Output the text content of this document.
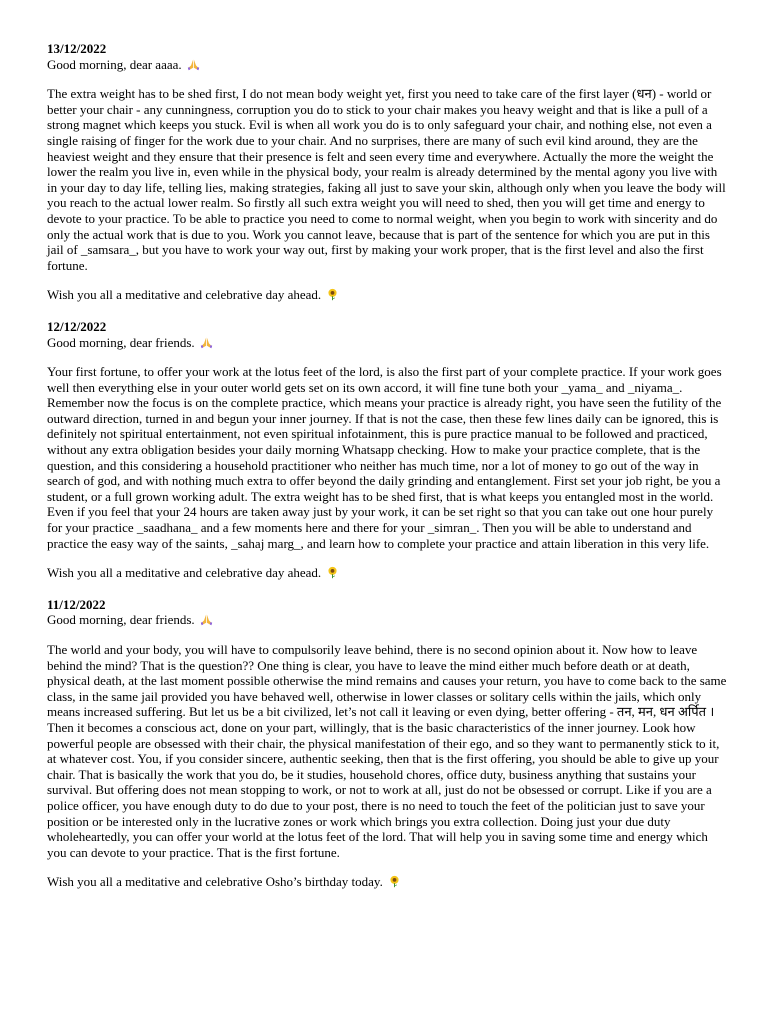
13/12/2022

Good morning, dear aaaa.

The extra weight has to be shed first, I do not mean body weight yet, first you need to take care of the first layer (धन) - world or better your chair - any cunningness, corruption you do to stick to your chair makes you heavy weight and that is like a pull of a strong magnet which keeps you stuck. Evil is when all work you do is to only safeguard your chair, and nothing else, not even a single raising of finger for the work due to your chair. And no surprises, there are many of such evil kind around, they are the heaviest weight and they ensure that their presence is felt and seen every time and everywhere. Actually the more the weight the lower the realm you live in, even while in the physical body, your realm is already determined by the mental agony you live with in your day to day life, telling lies, making strategies, faking all just to save your skin, although only when you leave the body will you reach to the actual lower realm. So firstly all such extra weight you will need to shed, then you will get time and energy to devote to your practice. To be able to practice you need to come to normal weight, when you begin to work with sincerity and do only the actual work that is due to you. Work you cannot leave, because that is part of the sentence for which you are put in this jail of _samsara_, but you have to work your way out, first by making your work proper, that is the first level and also the first fortune.

Wish you all a meditative and celebrative day ahead.

12/12/2022

Good morning, dear friends.

Your first fortune, to offer your work at the lotus feet of the lord, is also the first part of your complete practice. If your work goes well then everything else in your outer world gets set on its own accord, it will fine tune both your _yama_ and _niyama_. Remember now the focus is on the complete practice, which means your practice is already right, you have seen the futility of the outward direction, turned in and begun your inner journey. If that is not the case, then these few lines daily can be ignored, this is definitely not spiritual entertainment, not even spiritual infotainment, this is pure practice manual to be followed and practiced, without any extra obligation besides your daily morning Whatsapp checking. How to make your practice complete, that is the question, and this considering a household practitioner who neither has much time, nor a lot of money to go out of the way in search of god, and with nothing much extra to offer beyond the daily grinding and entanglement. First set your job right, be you a student, or a full grown working adult. The extra weight has to be shed first, that is what keeps you entangled most in the world. Even if you feel that your 24 hours are taken away just by your work, it can be set right so that you can take out one hour purely for your practice _saadhana_ and a few moments here and there for your _simran_. Then you will be able to understand and practice the easy way of the saints, _sahaj marg_, and learn how to complete your practice and attain liberation in this very life.

Wish you all a meditative and celebrative day ahead.

11/12/2022

Good morning, dear friends.

The world and your body, you will have to compulsorily leave behind, there is no second opinion about it. Now how to leave behind the mind? That is the question?? One thing is clear, you have to leave the mind either much before death or at death, physical death, at the last moment possible otherwise the mind remains and causes your return, you have to come back to the same class, in the same jail provided you have behaved well, otherwise in lower classes or solitary cells within the jails, which only means increased suffering. But let us be a bit civilized, let’s not call it leaving or even dying, better offering - तन, मन, धन अर्पित । Then it becomes a conscious act, done on your part, willingly, that is the basic characteristics of the inner journey. Look how powerful people are obsessed with their chair, the physical manifestation of their ego, and so they want to permanently stick to it, at whatever cost. You, if you consider sincere, authentic seeking, then that is the first offering, you should be able to give up your chair. That is basically the work that you do, be it studies, household chores, office duty, business anything that sustains your survival. But offering does not mean stopping to work, or not to work at all, just do not be obsessed or corrupt. Like if you are a police officer, you have enough duty to do due to your post, there is no need to touch the feet of the politician just to save your position or be interested only in the lucrative zones or work which brings you extra collection. Doing just your due duty wholeheartedly, you can offer your world at the lotus feet of the lord. That will help you in saving some time and energy which you can devote to your practice. That is the first fortune.

Wish you all a meditative and celebrative Osho’s birthday today.
